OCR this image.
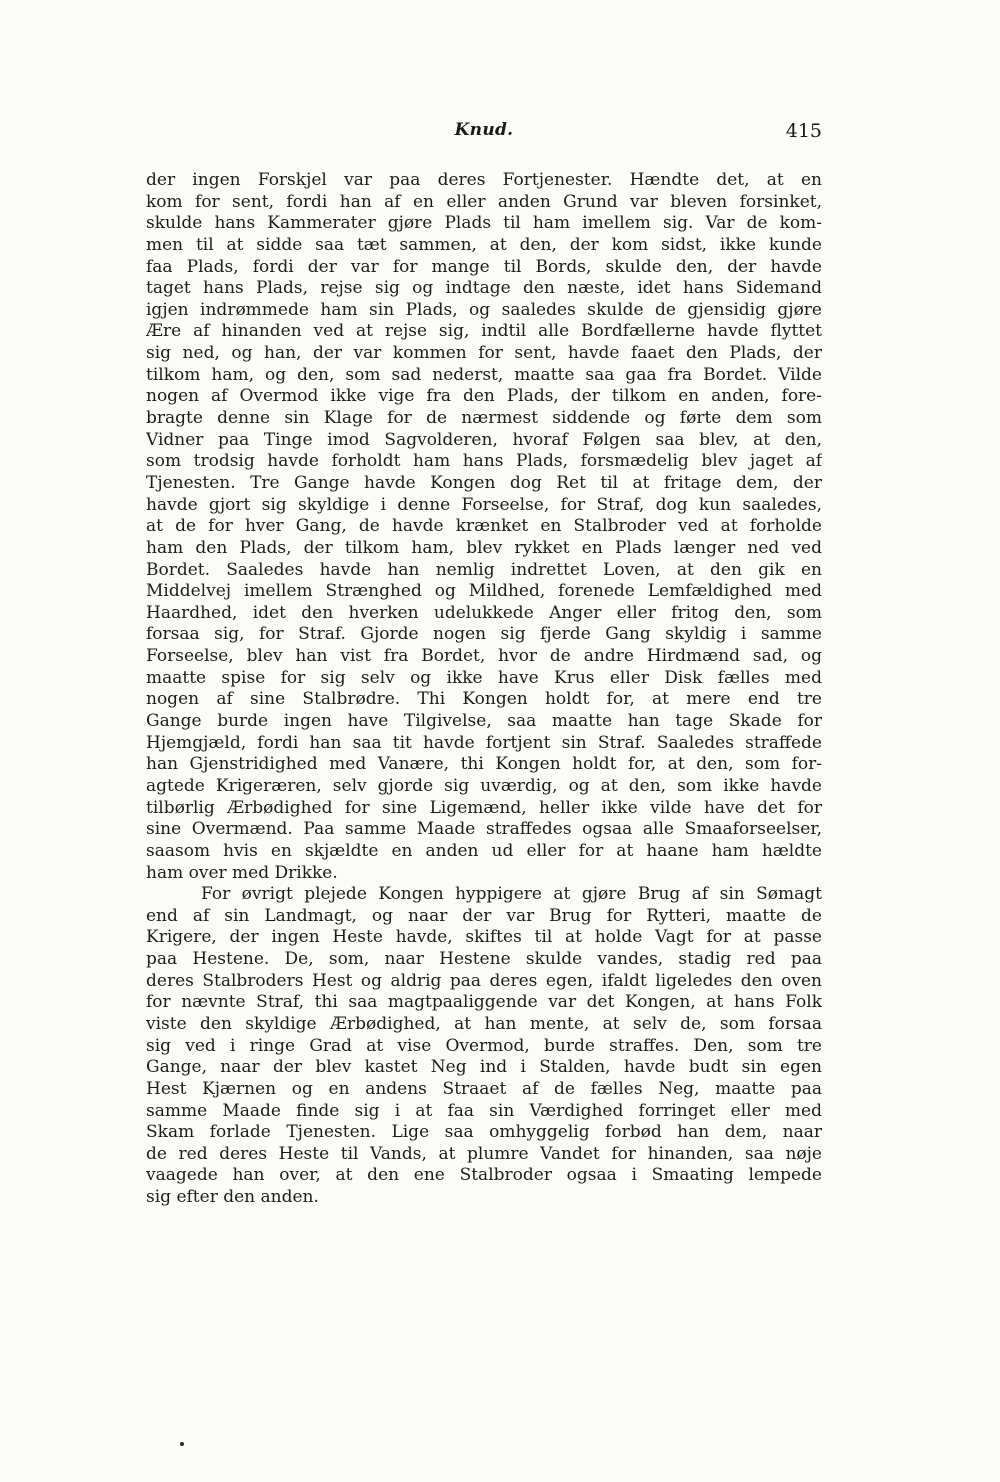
Knud.	415
der ingen Forskjel var paa deres Fortjenester. Hændte det, at en
kom for sent, fordi han af en eller anden Grund var bleven forsinket,
skulde hans Kammerater gjøre Plads til ham imellem sig. Var de kom-
men til at sidde saa tæt sammen, at den, der kom sidst, ikke kunde
faa Plads, fordi der var for mange til Bords, skulde den, der havde
taget hans Plads, rejse sig og indtage den næste, idet hans Sidemand
igjen indrømmede ham sin Plads, og saaledes skulde de gjensidig gjøre
Ære af hinanden ved at rejse sig, indtil alle Bordfællerne havde flyttet
sig ned, og han, der var kommen for sent, havde faaet den Plads, der
tilkom ham, og den, som sad nederst, maatte saa gaa fra Bordet. Vilde
nogen af Overmod ikke vige fra den Plads, der tilkom en anden, fore-
bragte denne sin Klage for de nærmest siddende og førte dem som
Vidner paa Tinge imod Sagvolderen, hvoraf Følgen saa blev, at den,
som trodsig havde forholdt ham hans Plads, forsmædelig blev jaget af
Tjenesten. Tre Gange havde Kongen dog Ret til at fritage dem, der
havde gjort sig skyldige i denne Forseelse, for Straf, dog kun saaledes,
at de for hver Gang, de havde krænket en Stalbroder ved at forholde
ham den Plads, der tilkom ham, blev rykket en Plads længer ned ved
Bordet. Saaledes havde han nemlig indrettet Loven, at den gik en
Middelvej imellem Strænghed og Mildhed, forenede Lemfældighed med
Haardhed, idet den hverken udelukkede Anger eller fritog den, som
forsaa sig, for Straf. Gjorde nogen sig fjerde Gang skyldig i samme
Forseelse, blev han vist fra Bordet, hvor de andre Hirdmænd sad, og
maatte spise for sig selv og ikke have Krus eller Disk fælles med
nogen af sine Stalbrødre. Thi Kongen holdt for, at mere end tre
Gange burde ingen have Tilgivelse, saa maatte han tage Skade for
Hjemgjæld, fordi han saa tit havde fortjent sin Straf. Saaledes straffede
han Gjenstridighed med Vanære, thi Kongen holdt for, at den, som for-
agtede Krigeræren, selv gjorde sig uværdig, og at den, som ikke havde
tilbørlig Ærbødighed for sine Ligemænd, heller ikke vilde have det for
sine Overmænd. Paa samme Maade straffedes ogsaa alle Smaaforseelser,
saasom hvis en skjældte en anden ud eller for at haane ham hældte
ham over med Drikke.
For øvrigt plejede Kongen hyppigere at gjøre Brug af sin Sømagt
end af sin Landmagt, og naar der var Brug for Rytteri, maatte de
Krigere, der ingen Heste havde, skiftes til at holde Vagt for at passe
paa Hestene. De, som, naar Hestene skulde vandes, stadig red paa
deres Stalbroders Hest og aldrig paa deres egen, ifaldt ligeledes den oven
for nævnte Straf, thi saa magtpaaliggende var det Kongen, at hans Folk
viste den skyldige Ærbødighed, at han mente, at selv de, som forsaa
sig ved i ringe Grad at vise Overmod, burde straffes. Den, som tre
Gange, naar der blev kastet Neg ind i Stalden, havde budt sin egen
Hest Kjærnen og en andens Straaet af de fælles Neg, maatte paa
samme Maade finde sig i at faa sin Værdighed forringet eller med
Skam forlade Tjenesten. Lige saa omhyggelig forbød han dem, naar
de red deres Heste til Vands, at plumre Vandet for hinanden, saa nøje
vaagede han over, at den ene Stalbroder ogsaa i Smaating lempede
sig efter den anden.
